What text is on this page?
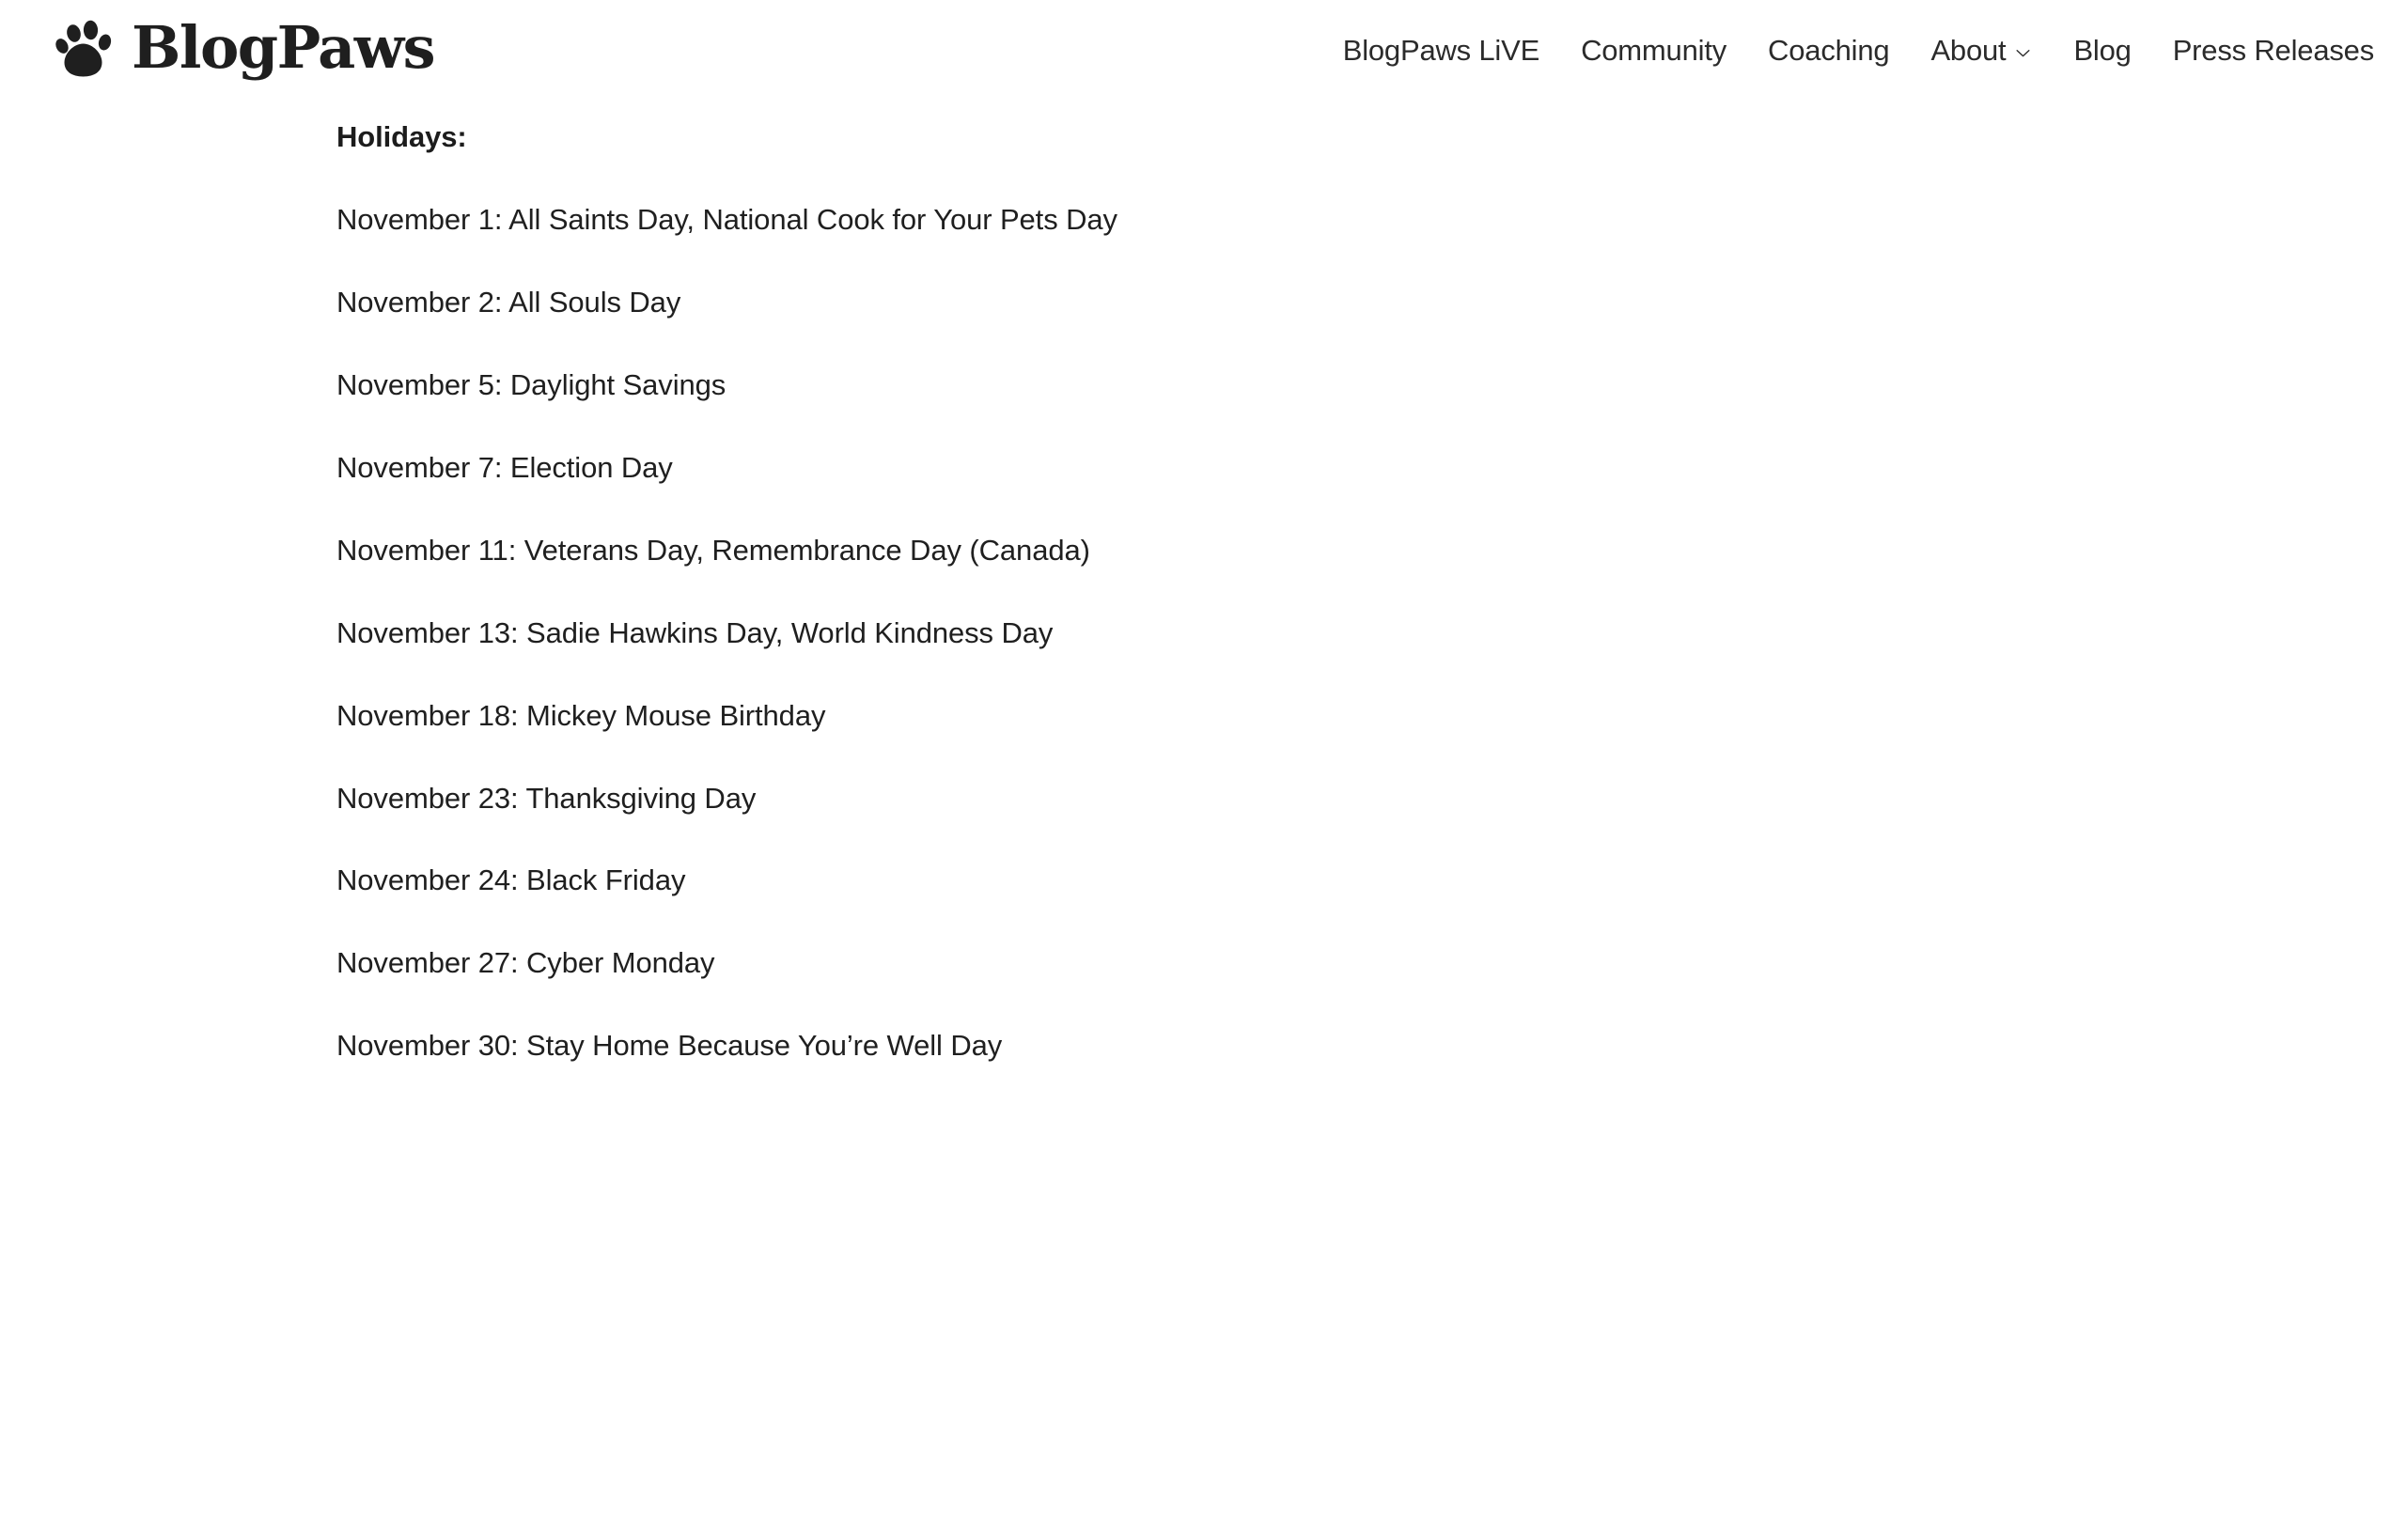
BlogPaws	BlogPaws LiVE Community Coaching About Blog Press Releases

Holidays:

November 1: All Saints Day, National Cook for Your Pets Day
November 2: All Souls Day
November 5: Daylight Savings
November 7: Election Day
November 11: Veterans Day, Remembrance Day (Canada)
November 13: Sadie Hawkins Day, World Kindness Day
November 18: Mickey Mouse Birthday
November 23: Thanksgiving Day
November 24: Black Friday
November 27: Cyber Monday
November 30: Stay Home Because You’re Well Day
